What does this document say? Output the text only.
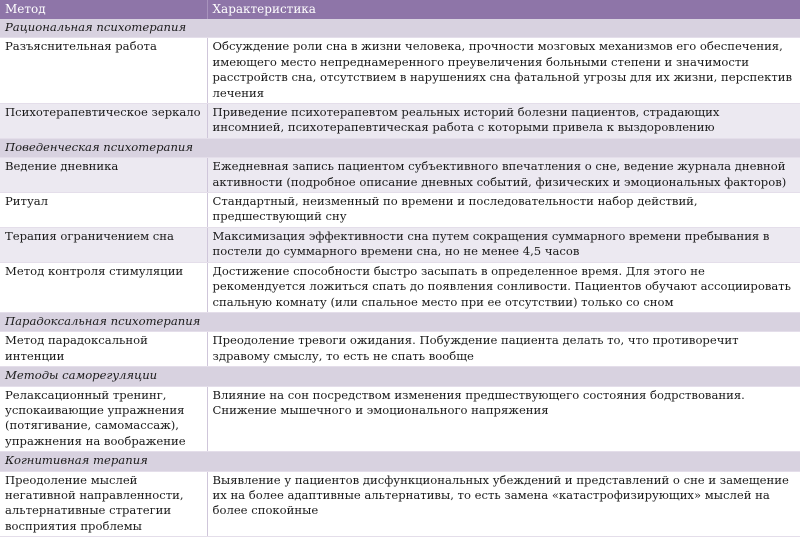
Метод	Характеристика
Рациональная психотерапия	
Разъяснительная работа	Обсуждение роли сна в жизни человека, прочности мозговых механизмов его обеспечения, имеющего место непреднамеренного преувеличения больными степени и значимости расстройств сна, отсутствием в нарушениях сна фатальной угрозы для их жизни, перспектив лечения
Психотерапевтическое зеркало	Приведение психотерапевтом реальных историй болезни пациентов, страдающих инсомнией, психотерапевтическая работа с которыми привела к выздоровлению
Поведенческая психотерапия	
Ведение дневника	Ежедневная запись пациентом субъективного впечатления о сне, ведение журнала дневной активности (подробное описание дневных событий, физических и эмоциональных факторов)
Ритуал	Стандартный, неизменный по времени и последовательности набор действий, предшествующий сну
Терапия ограничением сна	Максимизация эффективности сна путем сокращения суммарного времени пребывания в постели до суммарного времени сна, но не менее 4,5 часов
Метод контроля стимуляции	Достижение способности быстро засыпать в определенное время. Для этого не рекомендуется ложиться спать до появления сонливости. Пациентов обучают ассоциировать спальную комнату (или спальное место при ее отсутствии) только со сном
Парадоксальная психотерапия	
Метод парадоксальной интенции	Преодоление тревоги ожидания. Побуждение пациента делать то, что противоречит здравому смыслу, то есть не спать вообще
Методы саморегуляции	
Релаксационный тренинг, успокаивающие упражнения (потягивание, самомассаж), упражнения на воображение	Влияние на сон посредством изменения предшествующего состояния бодрствования. Снижение мышечного и эмоционального напряжения
Когнитивная терапия	
Преодоление мыслей негативной направленности, альтернативные стратегии восприятия проблемы	Выявление у пациентов дисфункциональных убеждений и представлений о сне и замещение их на более адаптивные альтернативы, то есть замена «катастрофизирующих» мыслей на более спокойные
